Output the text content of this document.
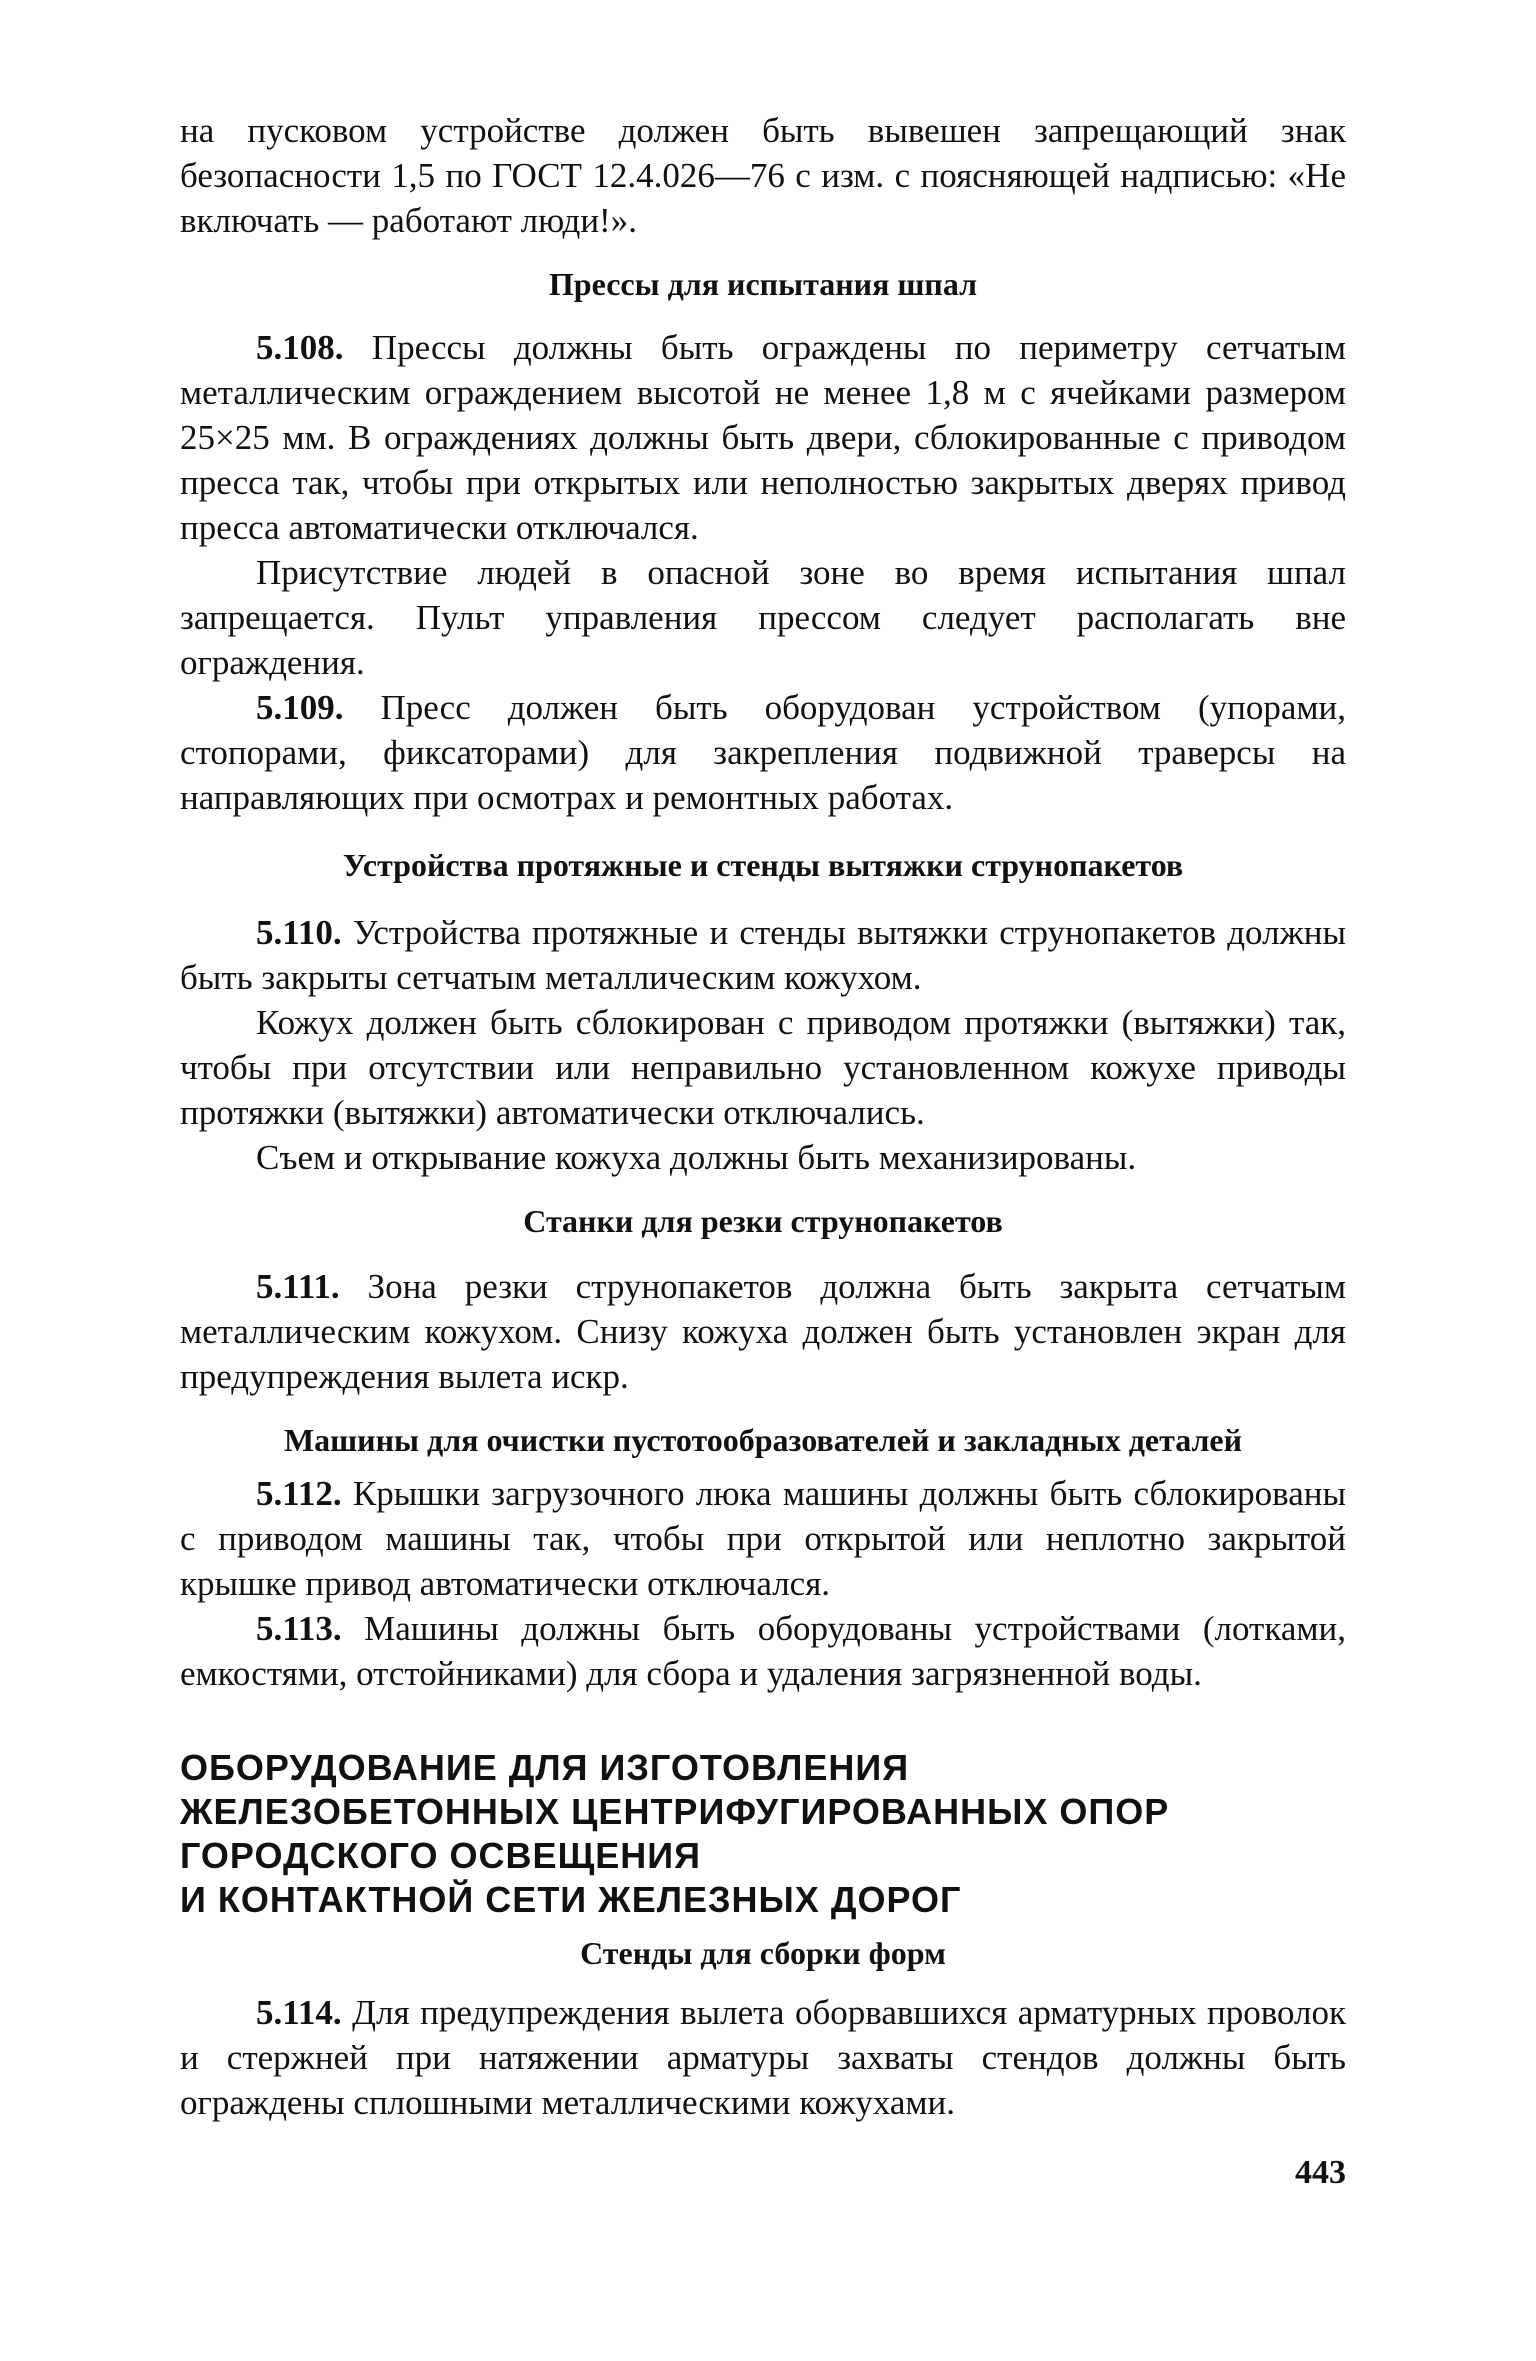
на пусковом устройстве должен быть вывешен запрещающий знак безопасности 1,5 по ГОСТ 12.4.026—76 с изм. с поясняющей надписью: «Не включать — работают люди!».

Прессы для испытания шпал

5.108. Прессы должны быть ограждены по периметру сетчатым металлическим ограждением высотой не менее 1,8 м с ячейками размером 25×25 мм. В ограждениях должны быть двери, сблокированные с приводом пресса так, чтобы при открытых или неполностью закрытых дверях привод пресса автоматически отключался.

Присутствие людей в опасной зоне во время испытания шпал запрещается. Пульт управления прессом следует располагать вне ограждения.

5.109. Пресс должен быть оборудован устройством (упорами, стопорами, фиксаторами) для закрепления подвижной траверсы на направляющих при осмотрах и ремонтных работах.

Устройства протяжные и стенды вытяжки струнопакетов

5.110. Устройства протяжные и стенды вытяжки струнопакетов должны быть закрыты сетчатым металлическим кожухом.

Кожух должен быть сблокирован с приводом протяжки (вытяжки) так, чтобы при отсутствии или неправильно установленном кожухе приводы протяжки (вытяжки) автоматически отключались.

Съем и открывание кожуха должны быть механизированы.

Станки для резки струнопакетов

5.111. Зона резки струнопакетов должна быть закрыта сетчатым металлическим кожухом. Снизу кожуха должен быть установлен экран для предупреждения вылета искр.

Машины для очистки пустотообразователей и закладных деталей

5.112. Крышки загрузочного люка машины должны быть сблокированы с приводом машины так, чтобы при открытой или неплотно закрытой крышке привод автоматически отключался.

5.113. Машины должны быть оборудованы устройствами (лотками, емкостями, отстойниками) для сбора и удаления загрязненной воды.

ОБОРУДОВАНИЕ ДЛЯ ИЗГОТОВЛЕНИЯ
ЖЕЛЕЗОБЕТОННЫХ ЦЕНТРИФУГИРОВАННЫХ ОПОР
ГОРОДСКОГО ОСВЕЩЕНИЯ
И КОНТАКТНОЙ СЕТИ ЖЕЛЕЗНЫХ ДОРОГ

Стенды для сборки форм

5.114. Для предупреждения вылета оборвавшихся арматурных проволок и стержней при натяжении арматуры захваты стендов должны быть ограждены сплошными металлическими кожухами.

443
